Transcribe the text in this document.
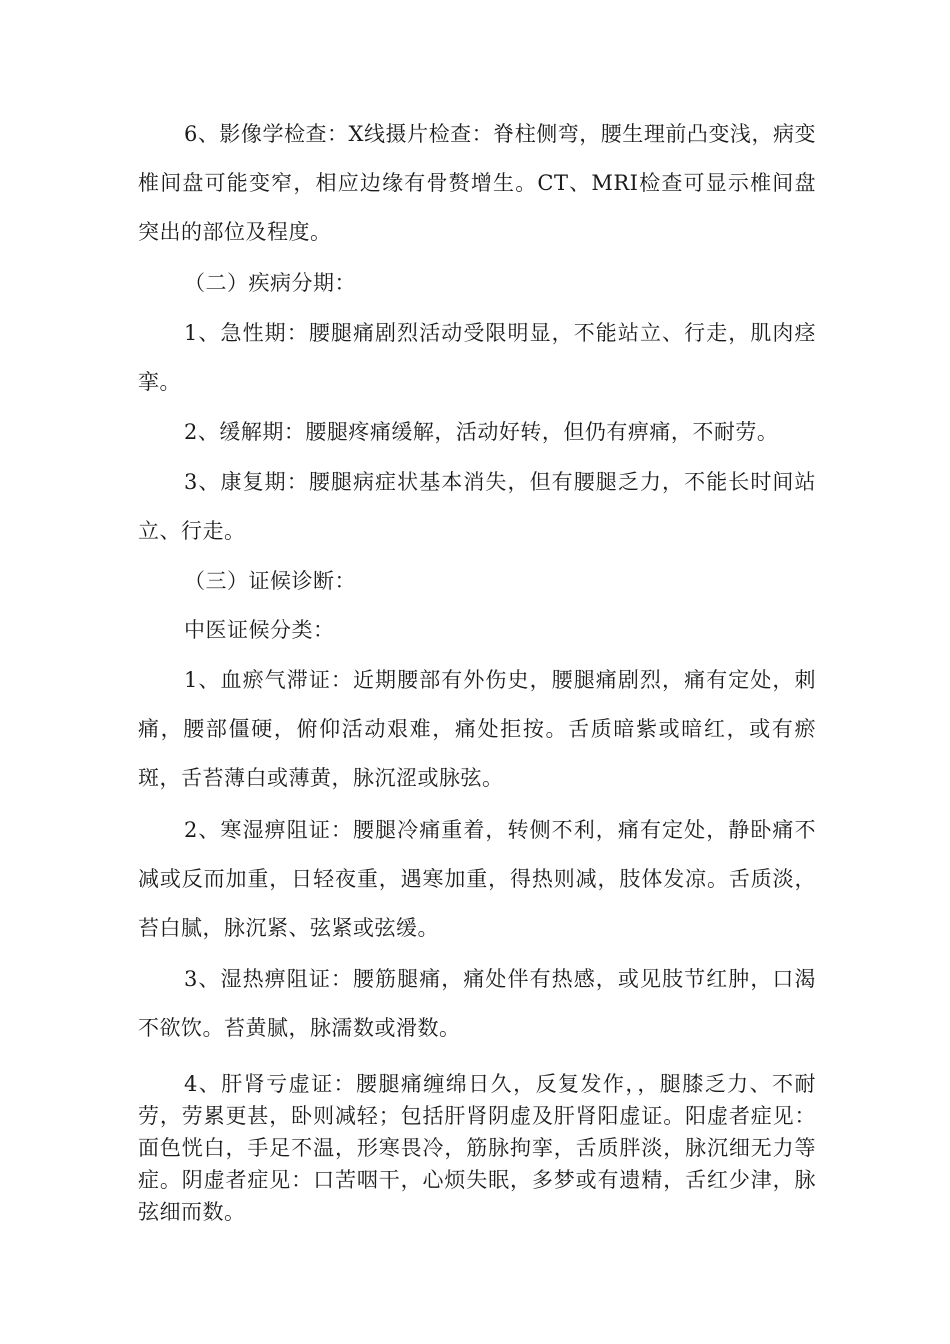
6、影像学检查：X线摄片检查：脊柱侧弯，腰生理前凸变浅，病变椎间盘可能变窄，相应边缘有骨赘增生。CT、MRI检查可显示椎间盘突出的部位及程度。

（二）疾病分期：

1、急性期：腰腿痛剧烈活动受限明显，不能站立、行走，肌肉痉挛。

2、缓解期：腰腿疼痛缓解，活动好转，但仍有痹痛，不耐劳。

3、康复期：腰腿病症状基本消失，但有腰腿乏力，不能长时间站立、行走。

（三）证候诊断：

中医证候分类：

1、血瘀气滞证：近期腰部有外伤史，腰腿痛剧烈，痛有定处，刺痛，腰部僵硬，俯仰活动艰难，痛处拒按。舌质暗紫或暗红，或有瘀斑，舌苔薄白或薄黄，脉沉涩或脉弦。

2、寒湿痹阻证：腰腿冷痛重着，转侧不利，痛有定处，静卧痛不减或反而加重，日轻夜重，遇寒加重，得热则减，肢体发凉。舌质淡，苔白腻，脉沉紧、弦紧或弦缓。

3、湿热痹阻证：腰筋腿痛，痛处伴有热感，或见肢节红肿，口渴不欲饮。苔黄腻，脉濡数或滑数。

4、肝肾亏虚证：腰腿痛缠绵日久，反复发作，，腿膝乏力、不耐劳，劳累更甚，卧则减轻；包括肝肾阴虚及肝肾阳虚证。阳虚者症见：面色恍白，手足不温，形寒畏冷，筋脉拘挛，舌质胖淡，脉沉细无力等症。阴虚者症见：口苦咽干，心烦失眠，多梦或有遗精，舌红少津，脉弦细而数。
